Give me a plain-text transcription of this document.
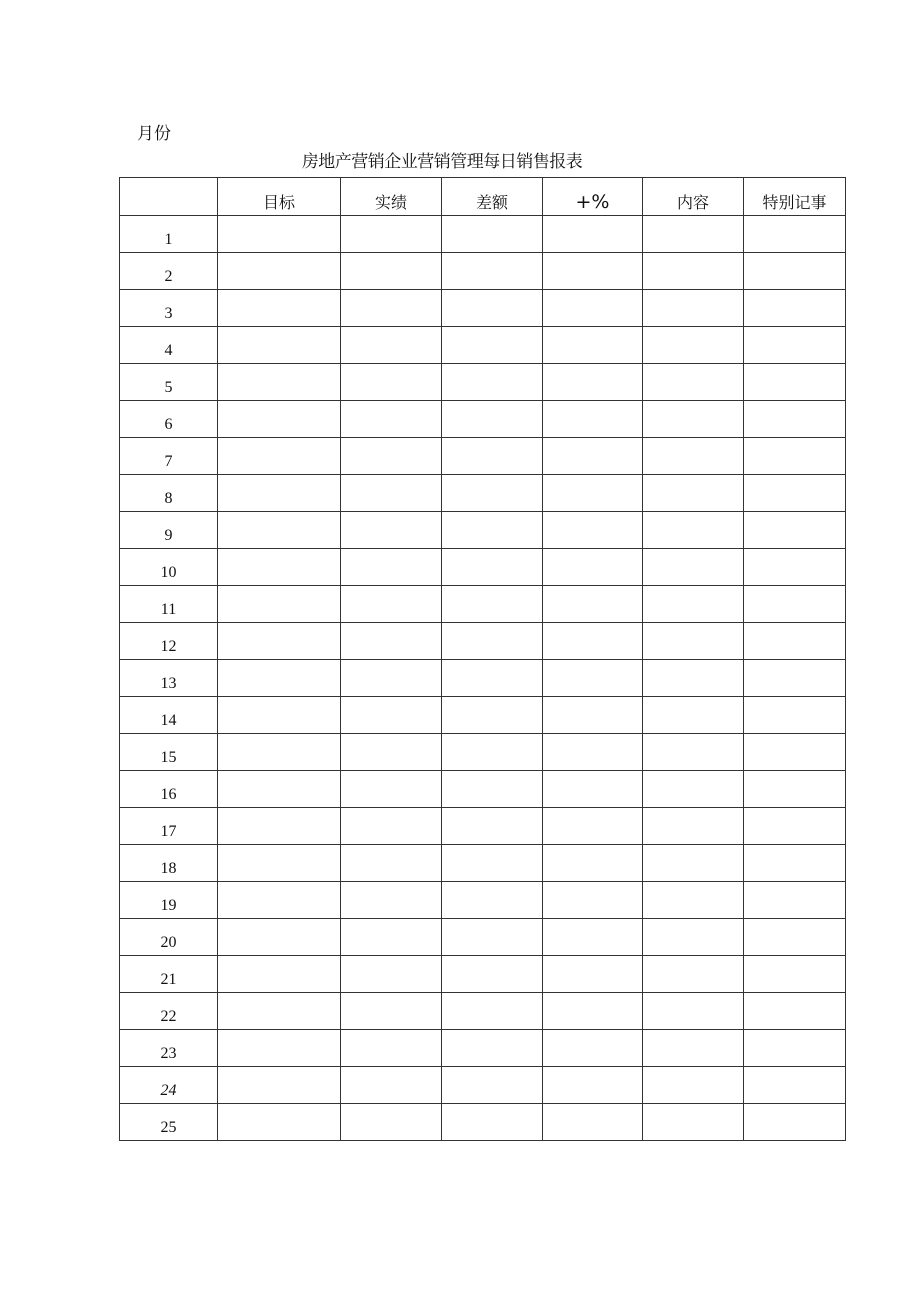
月份
房地产营销企业营销管理每日销售报表
	目标	实绩	差额	+%	内容	特别记事
1						
2						
3						
4						
5						
6						
7						
8						
9						
10						
11						
12						
13						
14						
15						
16						
17						
18						
19						
20						
21						
22						
23						
24						
25						
